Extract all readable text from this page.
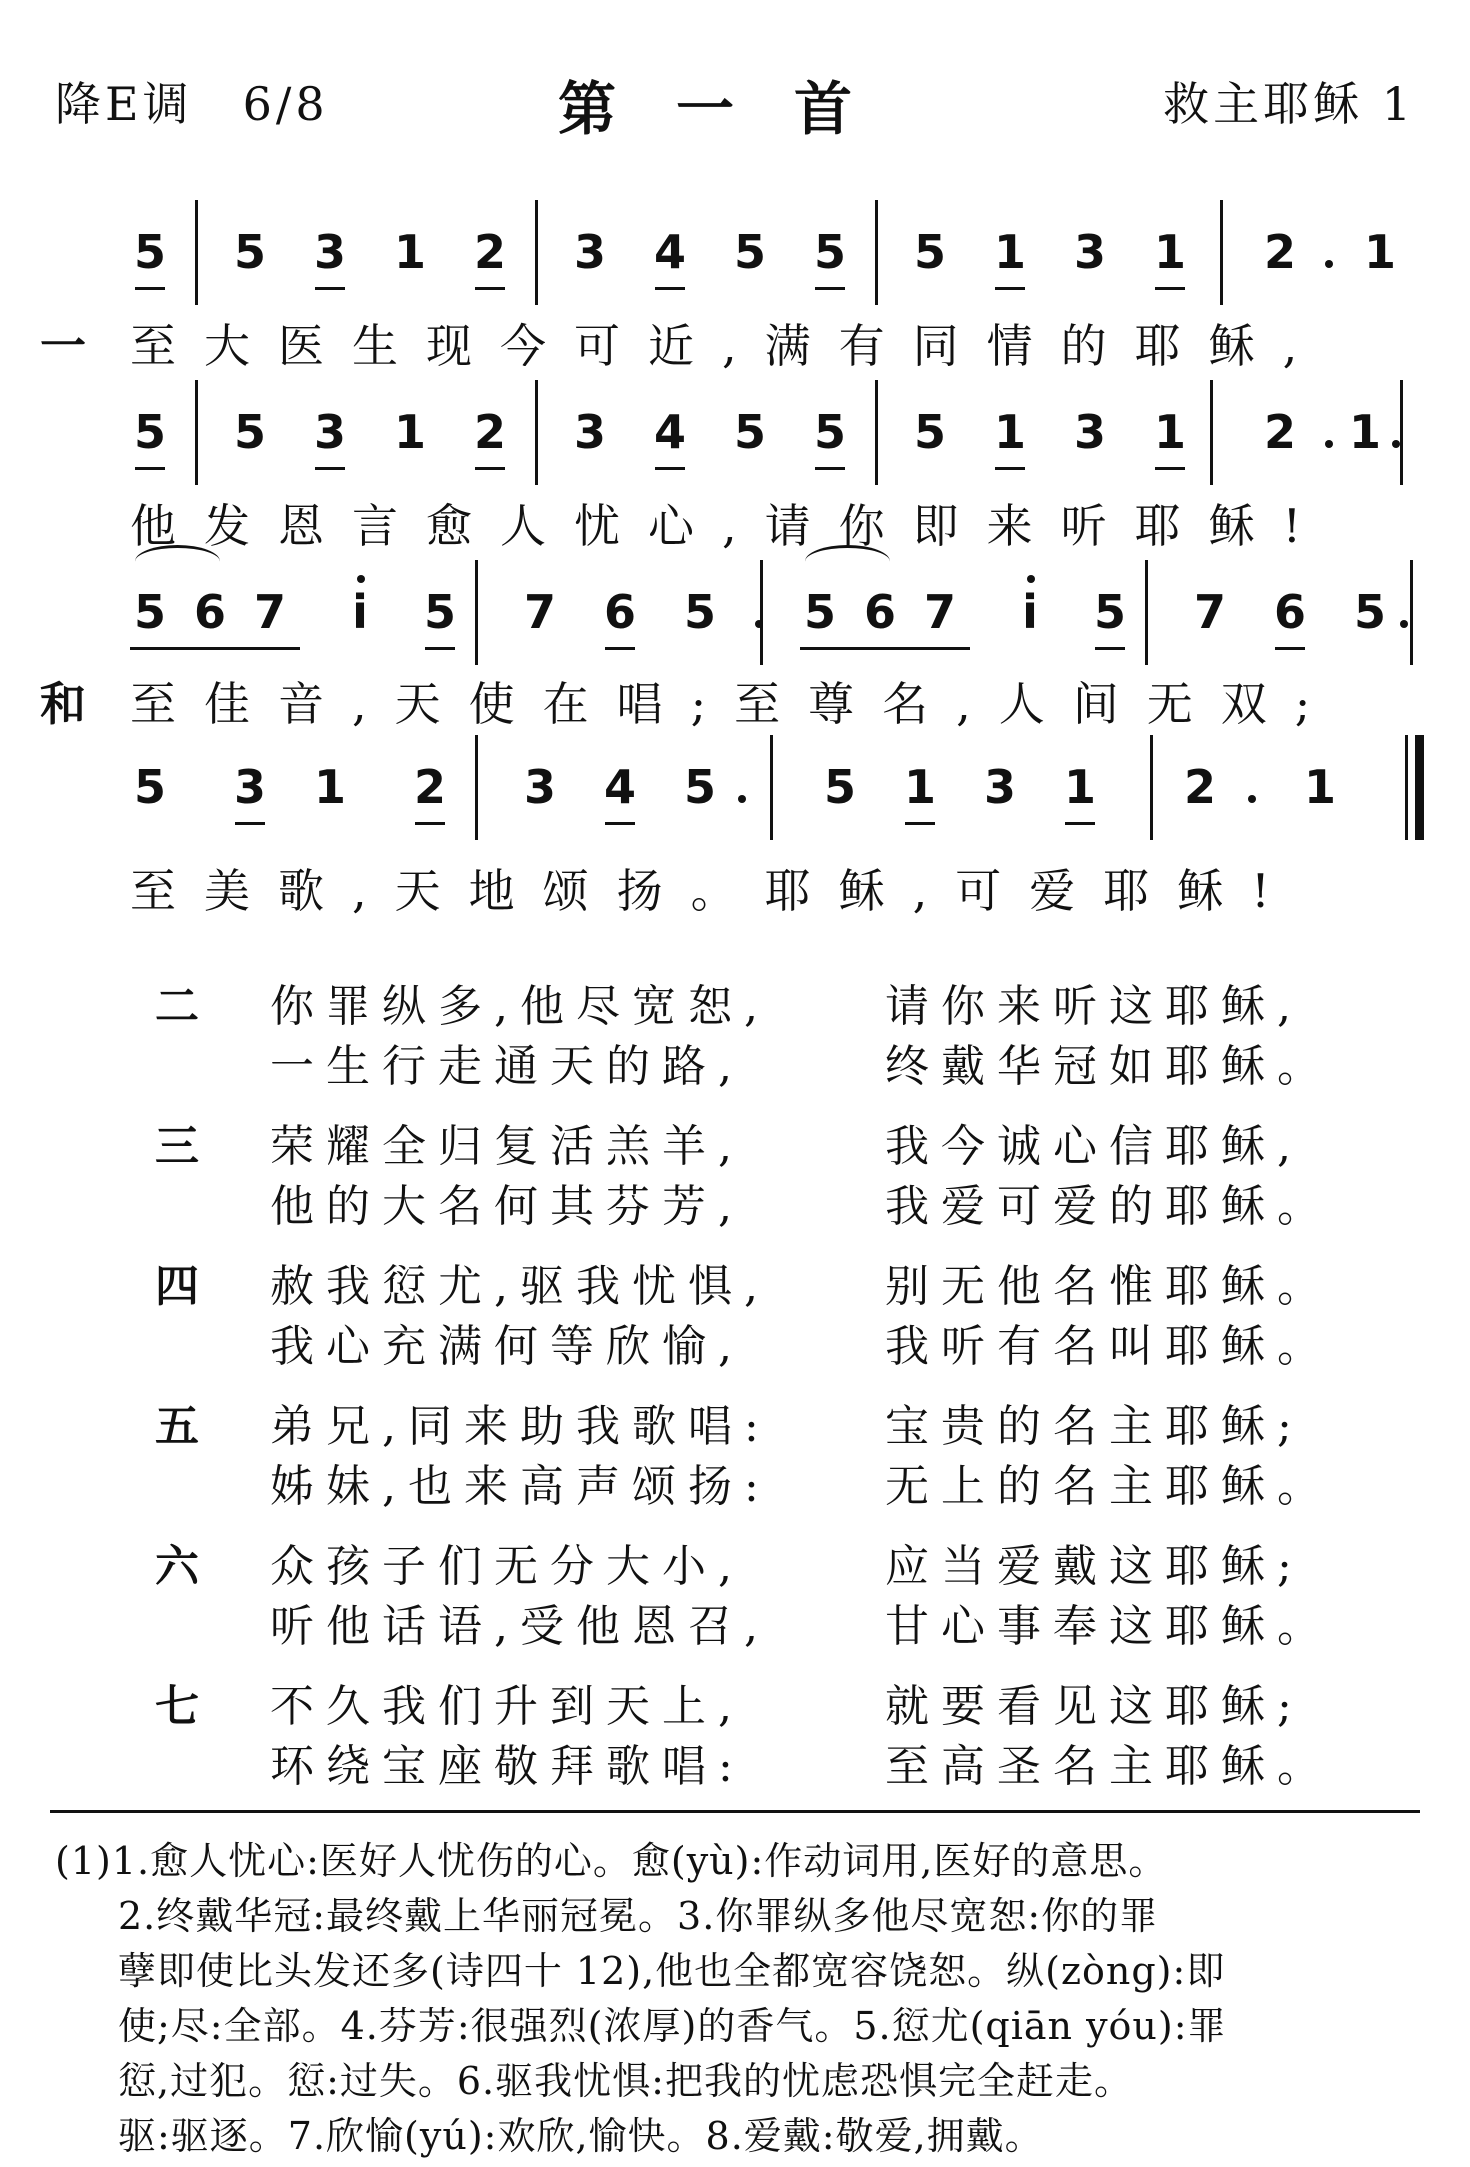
降E调　6/8	第一首	救主耶稣 1
5 5 3 1 2 3 4 5 5 5 1 3 1 2 1
5 5 3 1 2 3 4 5 5 5 1 3 1 2 1
5 6 7 i 5 7 6 5 5 6 7 i 5 7 6 5
5 3 1 2 3 4 5 5 1 3 1 2 1
一 至大医生现今可近,满有同情的耶稣,
他发恩言愈人忧心,请你即来听耶稣!
和 至佳音,天使在唱;至尊名,人间无双;
至美歌,天地颂扬。耶稣,可爱耶稣!
二 你罪纵多,他尽宽恕,	请你来听这耶稣,
一生行走通天的路,	终戴华冠如耶稣。
三 荣耀全归复活羔羊,	我今诚心信耶稣,
他的大名何其芬芳,	我爱可爱的耶稣。
四 赦我愆尤,驱我忧惧,	别无他名惟耶稣。
我心充满何等欣愉,	我听有名叫耶稣。
五 弟兄,同来助我歌唱:	宝贵的名主耶稣;
姊妹,也来高声颂扬:	无上的名主耶稣。
六 众孩子们无分大小,	应当爱戴这耶稣;
听他话语,受他恩召,	甘心事奉这耶稣。
七 不久我们升到天上,	就要看见这耶稣;
环绕宝座敬拜歌唱:	至高圣名主耶稣。
(1)1.愈人忧心:医好人忧伤的心。愈(yù):作动词用,医好的意思。
2.终戴华冠:最终戴上华丽冠冕。3.你罪纵多他尽宽恕:你的罪
孽即使比头发还多(诗四十 12),他也全都宽容饶恕。纵(zòng):即
使;尽:全部。4.芬芳:很强烈(浓厚)的香气。5.愆尤(qiān yóu):罪
愆,过犯。愆:过失。6.驱我忧惧:把我的忧虑恐惧完全赶走。
驱:驱逐。7.欣愉(yú):欢欣,愉快。8.爱戴:敬爱,拥戴。
